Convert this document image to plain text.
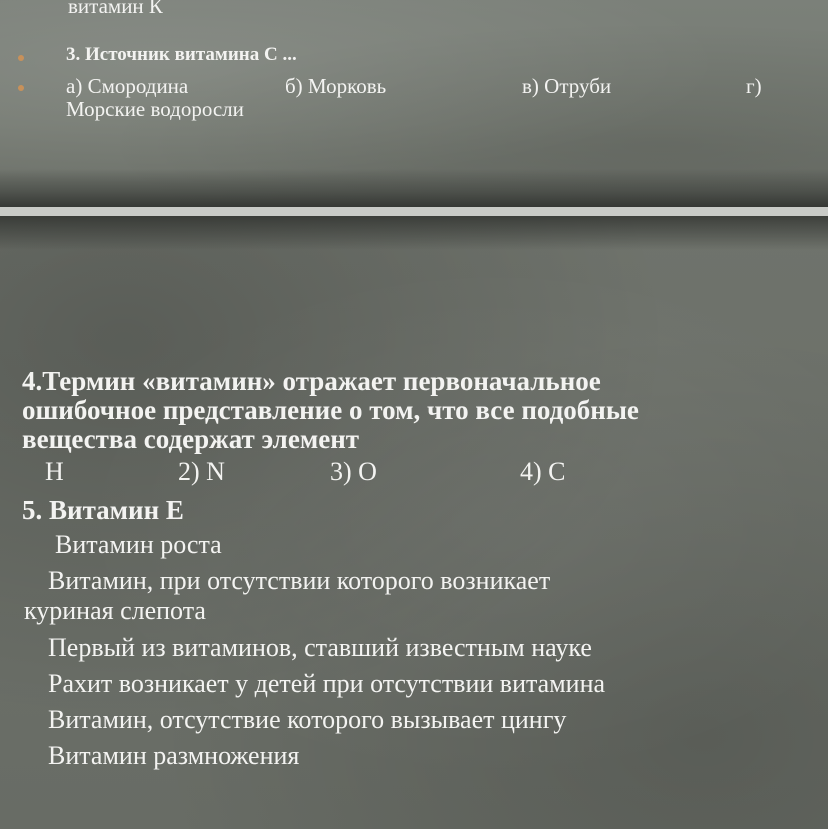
витамин К
3. Источник витамина С ...
а) Смородина	б) Морковь	в) Отруби	г)
Морские водоросли
4.Термин «витамин» отражает первоначальное
ошибочное представление о том, что все подобные
вещества содержат элемент
Н	2) N	3) O	4) C
5. Витамин Е
Витамин роста
Витамин, при отсутствии которого возникает
куриная слепота
Первый из витаминов, ставший известным науке
Рахит возникает у детей при отсутствии витамина
Витамин, отсутствие которого вызывает цингу
Витамин размножения
